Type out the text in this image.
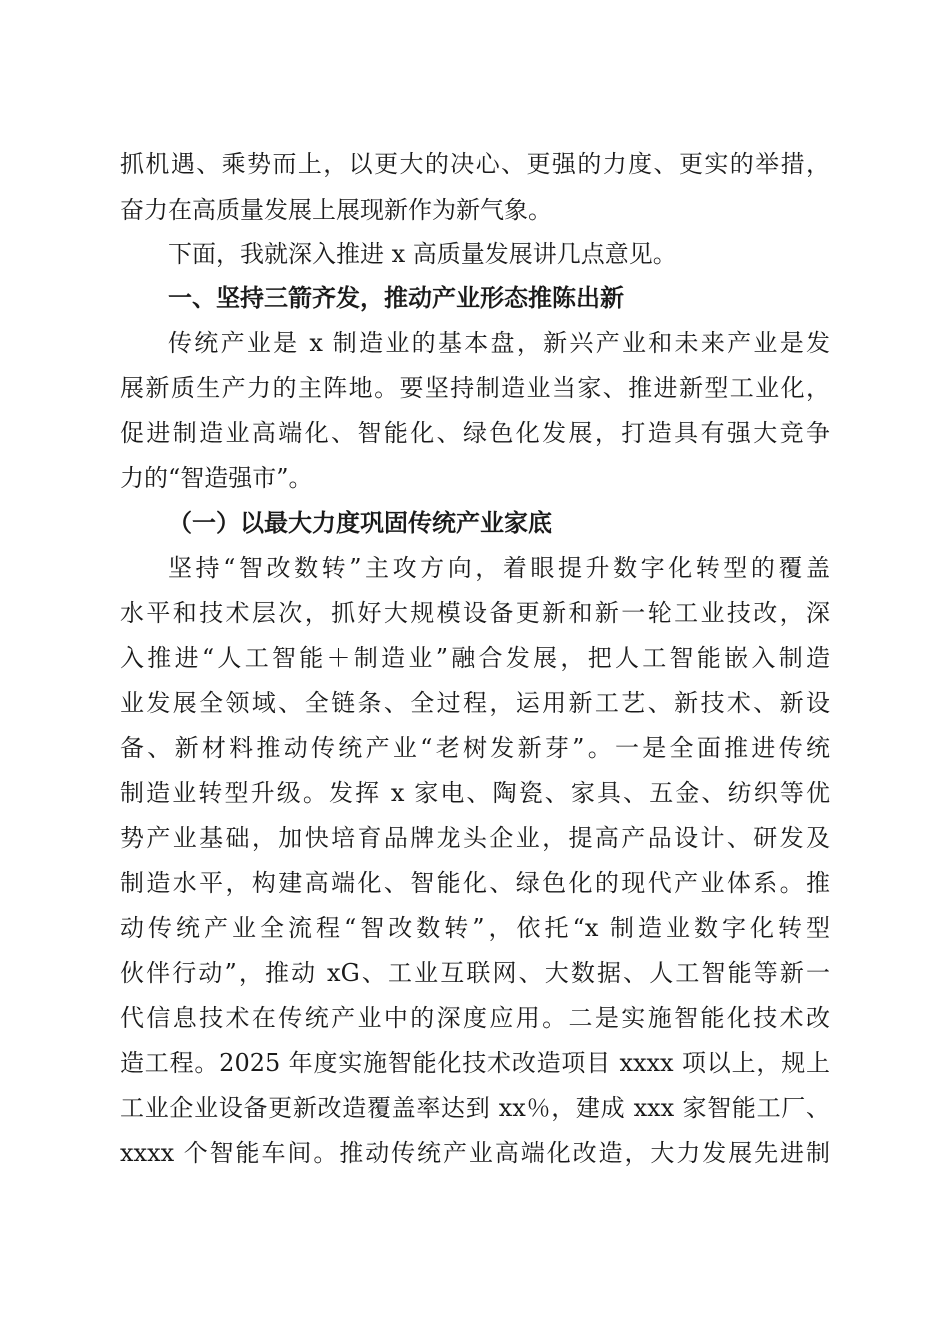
抓机遇、乘势而上，以更大的决心、更强的力度、更实的举措，
奋力在高质量发展上展现新作为新气象。
下面，我就深入推进 x 高质量发展讲几点意见。
一、坚持三箭齐发，推动产业形态推陈出新
传统产业是 x 制造业的基本盘，新兴产业和未来产业是发
展新质生产力的主阵地。要坚持制造业当家、推进新型工业化，
促进制造业高端化、智能化、绿色化发展，打造具有强大竞争
力的“智造强市”。
（一）以最大力度巩固传统产业家底
坚持“智改数转”主攻方向，着眼提升数字化转型的覆盖
水平和技术层次，抓好大规模设备更新和新一轮工业技改，深
入推进“人工智能＋制造业”融合发展，把人工智能嵌入制造
业发展全领域、全链条、全过程，运用新工艺、新技术、新设
备、新材料推动传统产业“老树发新芽”。一是全面推进传统
制造业转型升级。发挥 x 家电、陶瓷、家具、五金、纺织等优
势产业基础，加快培育品牌龙头企业，提高产品设计、研发及
制造水平，构建高端化、智能化、绿色化的现代产业体系。推
动传统产业全流程“智改数转”，依托“x 制造业数字化转型
伙伴行动”，推动 xG、工业互联网、大数据、人工智能等新一
代信息技术在传统产业中的深度应用。二是实施智能化技术改
造工程。2025 年度实施智能化技术改造项目 xxxx 项以上，规上
工业企业设备更新改造覆盖率达到 xx％，建成 xxx 家智能工厂、
xxxx 个智能车间。推动传统产业高端化改造，大力发展先进制
